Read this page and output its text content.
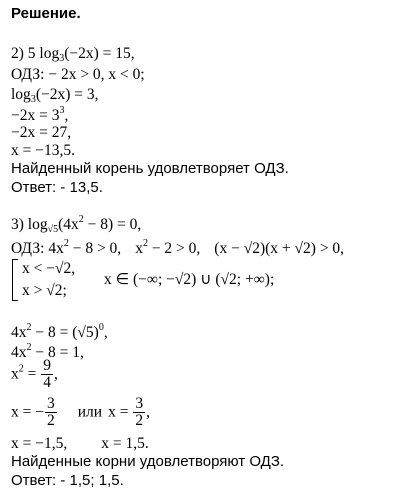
Решение.
2) 5 $\log_3(-2x) = 15$,
ОДЗ: − 2x > 0, x < 0;
$\log_3(-2x) = 3$,
$-2x = 3^3$,
−2x = 27,
x = −13,5.
Найденный корень удовлетворяет ОДЗ.
Ответ: - 13,5.
3) $\log_{√5}(4x^2 - 8) = 0$,
ОДЗ: $4x^2 - 8 > 0$, $x^2 - 2 > 0$, (x − √2)(x + √2) > 0,
x < −√2,
x > √2;
x ∈ (−∞; −√2) ∪ (√2; +∞);
$4x^2 - 8 = (√5)^0$,
$4x^2 - 8 = 1$,
$x^2 = \frac{9}{4}$ ,
x = − $\frac{3}{2}$ или $x = \frac{3}{2}$ ,
x = −1,5, x = 1,5.
Найденные корни удовлетворяют ОДЗ.
Ответ: - 1,5; 1,5.
